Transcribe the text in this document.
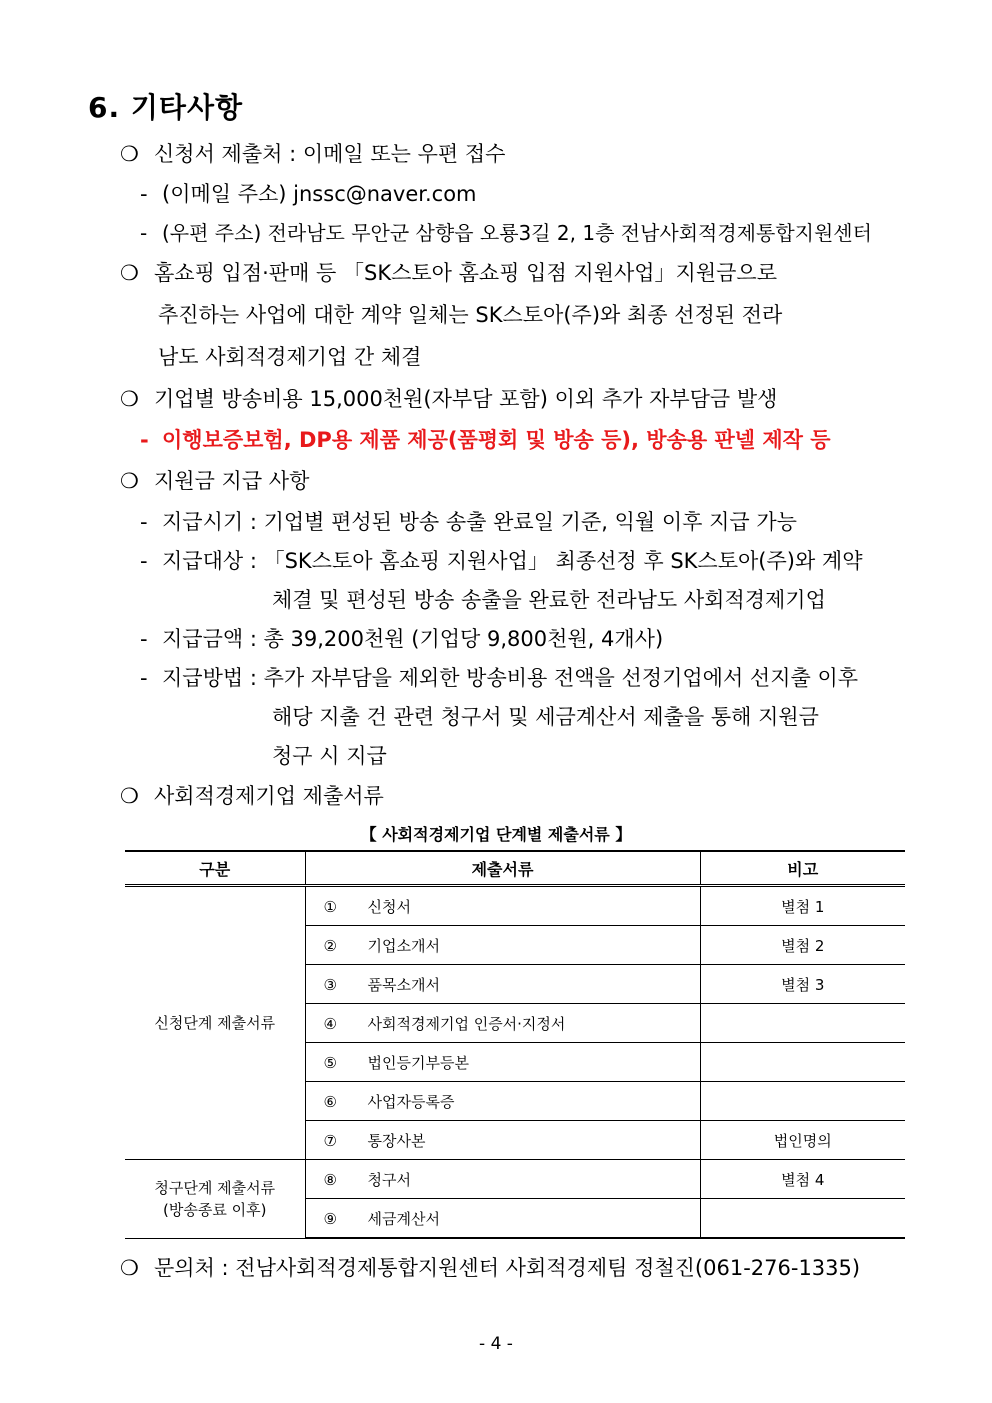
6. 기타사항
❍ 신청서 제출처 : 이메일 또는 우편 접수
- (이메일 주소) jnssc@naver.com
- (우편 주소) 전라남도 무안군 삼향읍 오룡3길 2, 1층 전남사회적경제통합지원센터
❍ 홈쇼핑 입점·판매 등 「SK스토아 홈쇼핑 입점 지원사업」지원금으로
추진하는 사업에 대한 계약 일체는 SK스토아(주)와 최종 선정된 전라
남도 사회적경제기업 간 체결
❍ 기업별 방송비용 15,000천원(자부담 포함) 이외 추가 자부담금 발생
- 이행보증보험, DP용 제품 제공(품평회 및 방송 등), 방송용 판넬 제작 등
❍ 지원금 지급 사항
- 지급시기 : 기업별 편성된 방송 송출 완료일 기준, 익월 이후 지급 가능
- 지급대상 : 「SK스토아 홈쇼핑 지원사업」 최종선정 후 SK스토아(주)와 계약
체결 및 편성된 방송 송출을 완료한 전라남도 사회적경제기업
- 지급금액 : 총 39,200천원 (기업당 9,800천원, 4개사)
- 지급방법 : 추가 자부담을 제외한 방송비용 전액을 선정기업에서 선지출 이후
해당 지출 건 관련 청구서 및 세금계산서 제출을 통해 지원금
청구 시 지급
❍ 사회적경제기업 제출서류
【 사회적경제기업 단계별 제출서류 】
구분	제출서류	비고
신청단계 제출서류	① 신청서	별첨 1
	② 기업소개서	별첨 2
	③ 품목소개서	별첨 3
	④ 사회적경제기업 인증서·지정서	
	⑤ 법인등기부등본	
	⑥ 사업자등록증	
	⑦ 통장사본	법인명의
청구단계 제출서류
(방송종료 이후)	⑧ 청구서	별첨 4
	⑨ 세금계산서	
❍ 문의처 : 전남사회적경제통합지원센터 사회적경제팀 정철진(061-276-1335)
- 4 -
